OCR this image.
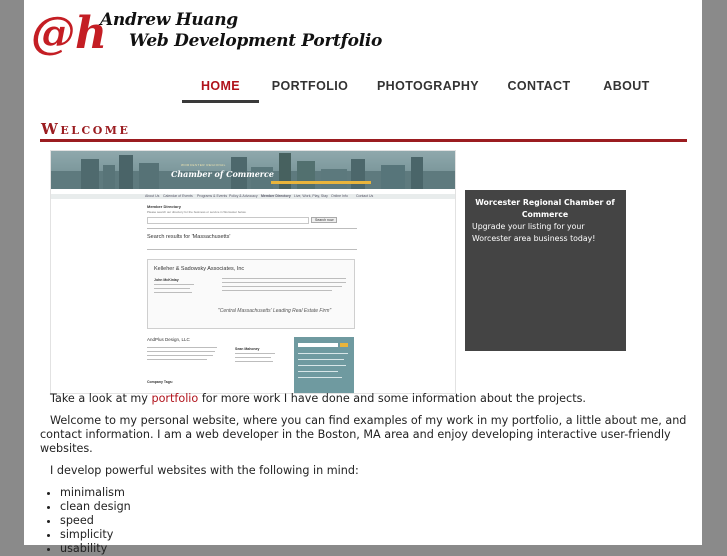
@h
Andrew Huang
Web Development Portfolio
HOME	PORTFOLIO PHOTOGRAPHY CONTACT	ABOUT
Welcome
WORCESTER REGIONAL
Chamber of Commerce
About Us Calendar of Events Programs & Events Policy & Advocacy Member Directory Live, Work, Play, Stay Online Info Contact Us
Member Directory
Please search our directory for the business or service in Worcester below.
Search now
Search results for 'Massachusetts'
Kelleher & Sadowsky Associates, Inc
John McKinlay
"Central Massachusetts' Leading Real Estate Firm"
AndPlus Design, LLC
Sean Mahoney
Company Tags:
Worcester Regional Chamber of Commerce
Upgrade your listing for your Worcester area business today!

Take a look at my portfolio for more work I have done and some information about the projects.

Welcome to my personal website, where you can find examples of my work in my portfolio, a little about me, and contact information. I am a web developer in the Boston, MA area and enjoy developing interactive user-friendly websites.

I develop powerful websites with the following in mind:

• minimalism
• clean design
• speed
• simplicity
• usability
